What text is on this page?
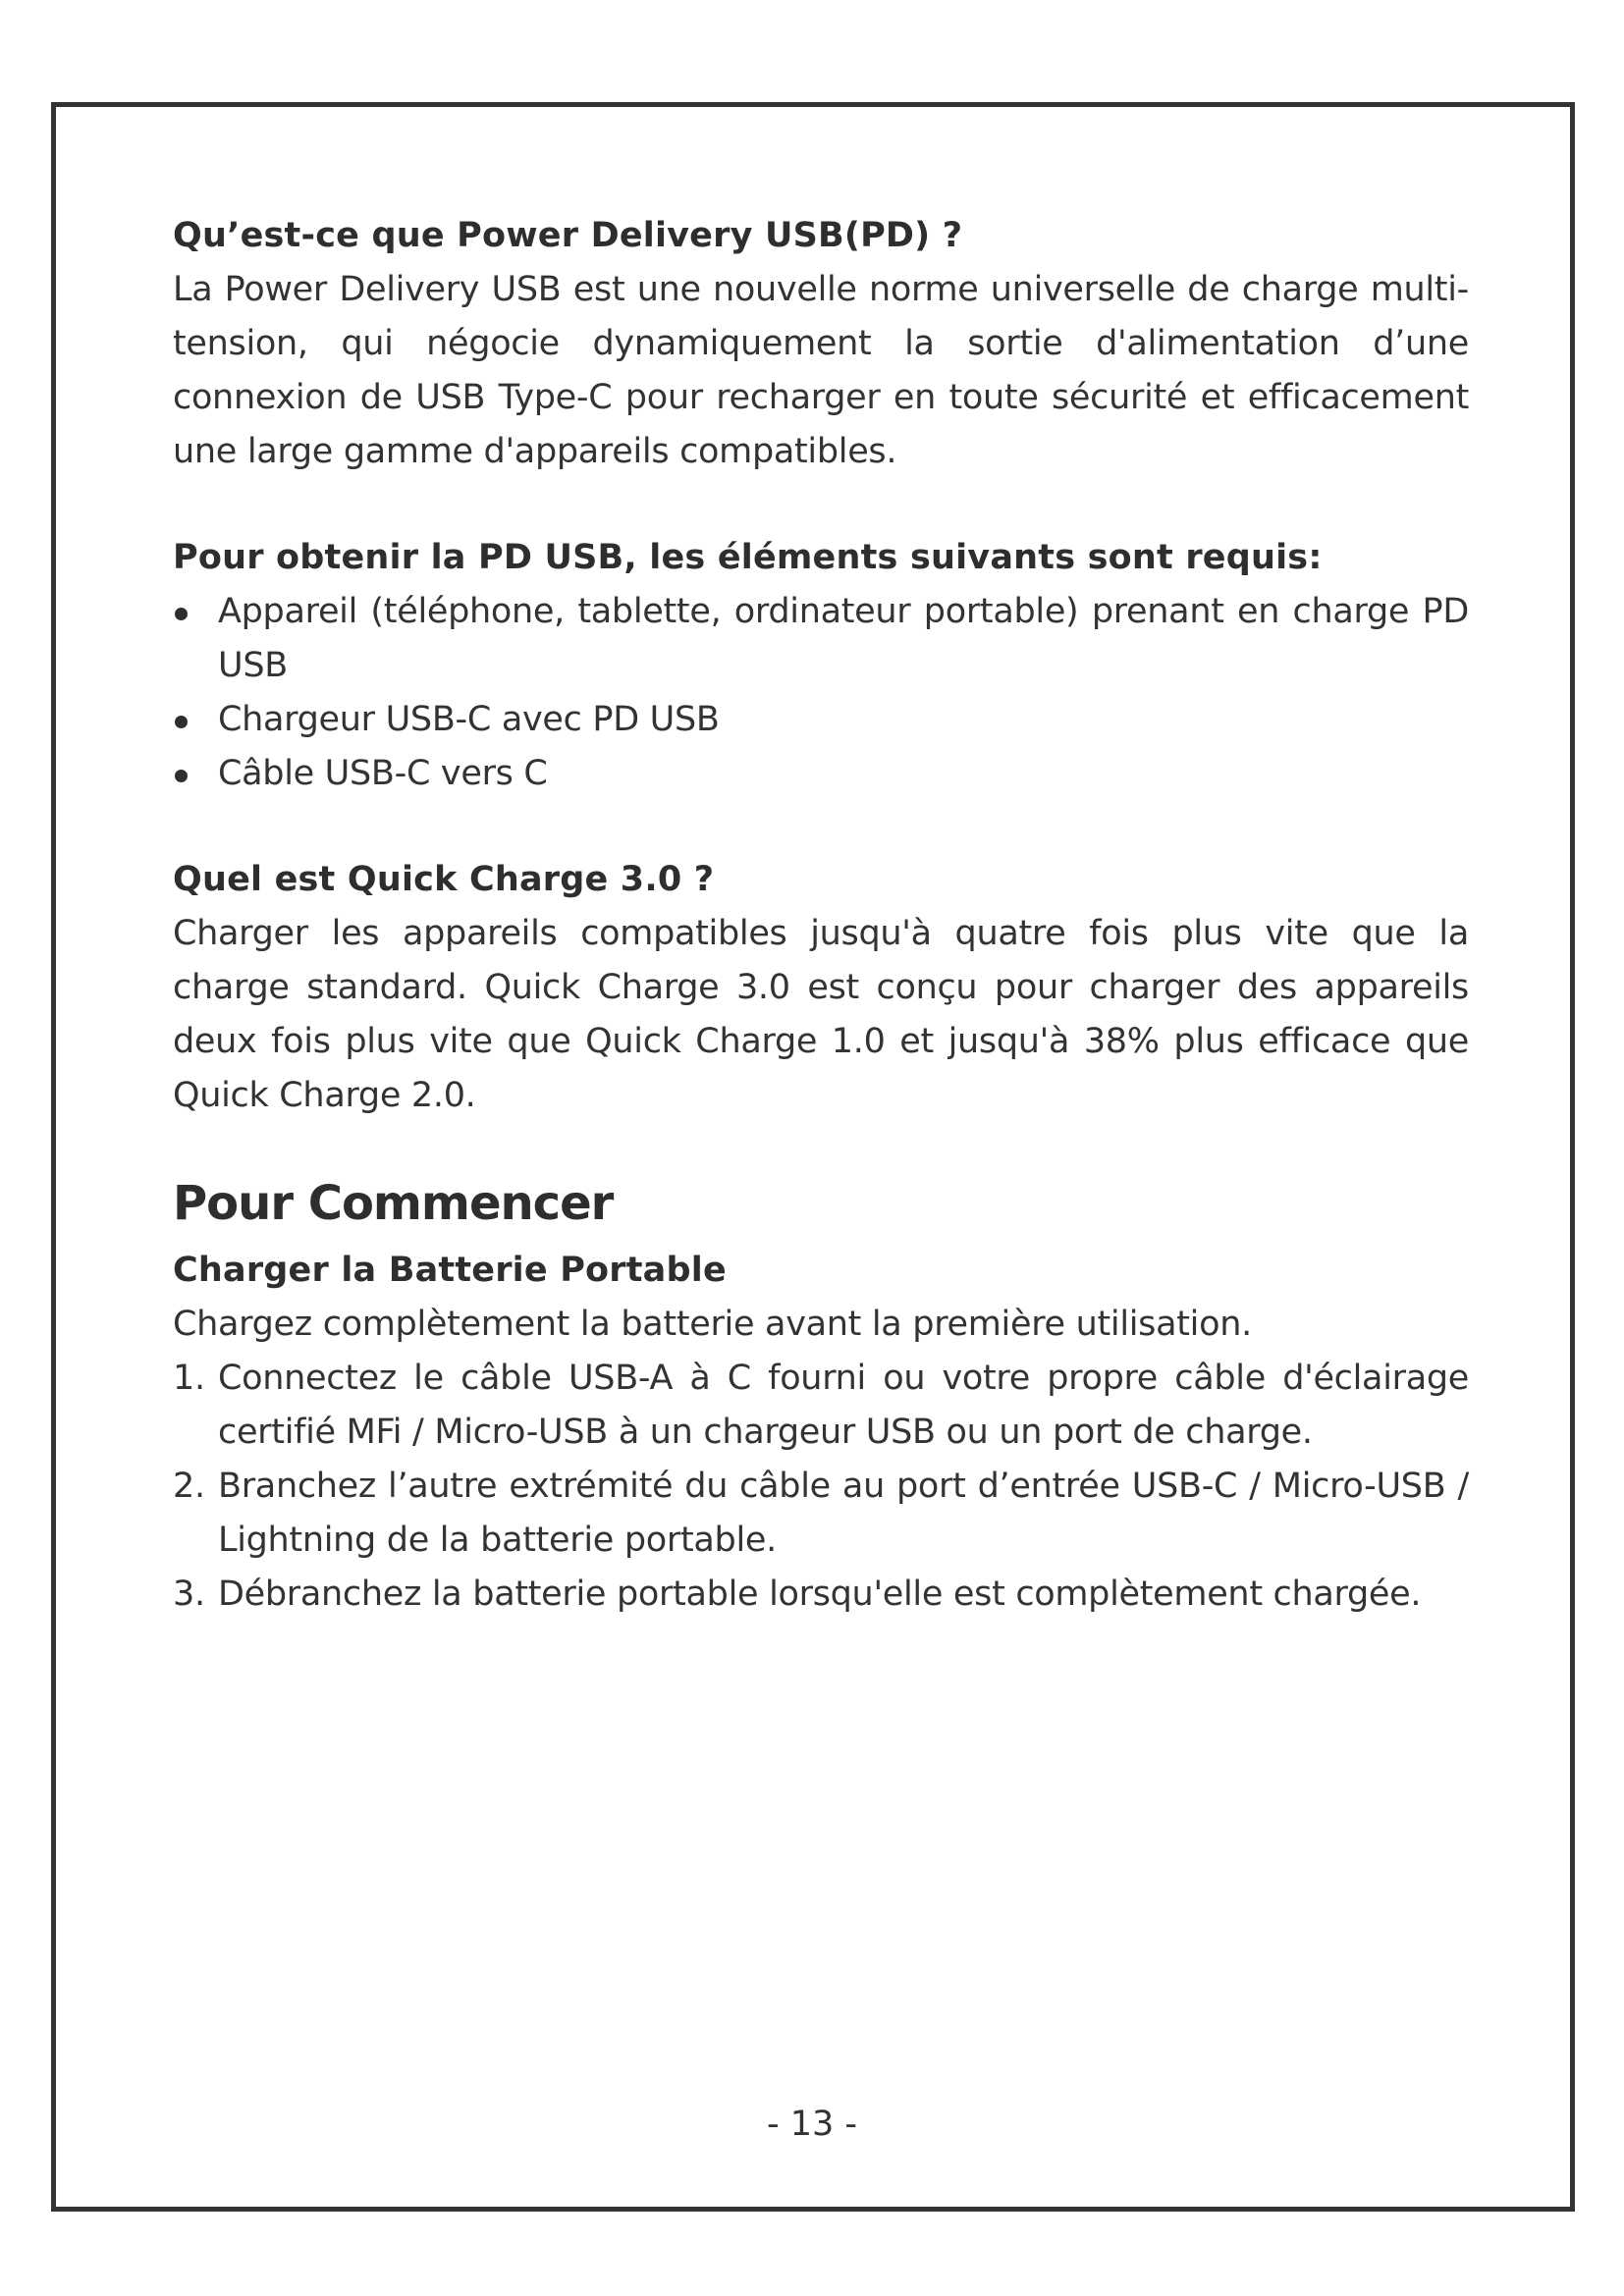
Qu’est-ce que Power Delivery USB(PD) ?

La Power Delivery USB est une nouvelle norme universelle de charge multi-tension, qui négocie dynamiquement la sortie d'alimentation d’une connexion de USB Type-C pour recharger en toute sécurité et efficacement une large gamme d'appareils compatibles.

Pour obtenir la PD USB, les éléments suivants sont requis:
Appareil (téléphone, tablette, ordinateur portable) prenant en charge PD USB
Chargeur USB-C avec PD USB
Câble USB-C vers C
Quel est Quick Charge 3.0 ?

Charger les appareils compatibles jusqu'à quatre fois plus vite que la charge standard. Quick Charge 3.0 est conçu pour charger des appareils deux fois plus vite que Quick Charge 1.0 et jusqu'à 38% plus efficace que Quick Charge 2.0.

Pour Commencer
Charger la Batterie Portable

Chargez complètement la batterie avant la première utilisation.

1. Connectez le câble USB-A à C fourni ou votre propre câble d'éclairage certifié MFi / Micro-USB à un chargeur USB ou un port de charge.
2. Branchez l’autre extrémité du câble au port d’entrée USB-C / Micro-USB / Lightning de la batterie portable.
3. Débranchez la batterie portable lorsqu'elle est complètement chargée.
- 13 -
